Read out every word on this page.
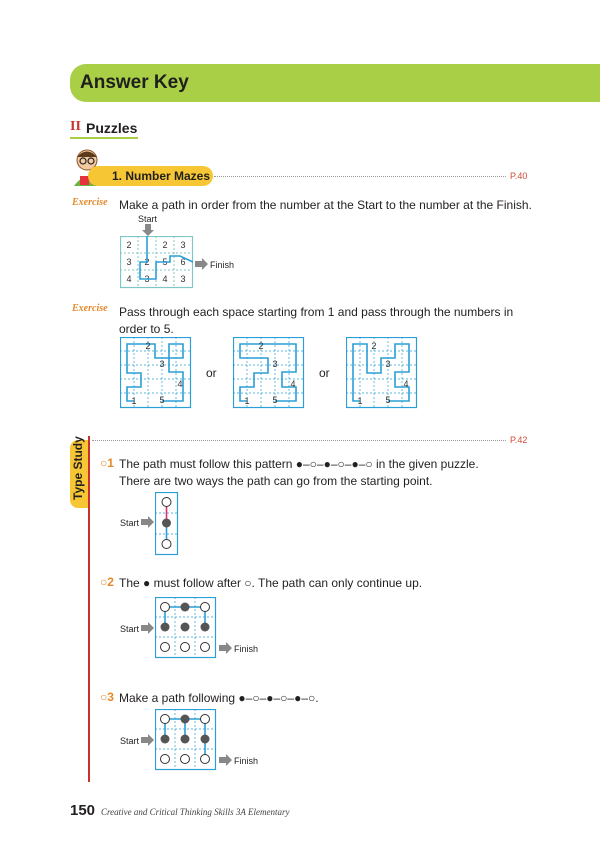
Answer Key
II Puzzles
1. Number Mazes	P.40
Exercise Make a path in order from the number at the Start to the number at the Finish.
Start
2	2 3
3 2 5 6
4 3 4 3
Finish
Exercise Pass through each space starting from 1 and pass through the numbers in order to 5.
1
2
3
4
5
or
1
2
3
4
5
or
1
2
3
4
5
P.42
Type Study ○1 The path must follow this pattern ●–○–●–○–●–○ in the given puzzle.
There are two ways the path can go from the starting point.
Start
○2 The ● must follow after ○. The path can only continue up.
Start
Finish
○3 Make a path following ●–○–●–○–●–○.
Start
Finish
150 Creative and Critical Thinking Skills 3A Elementary
